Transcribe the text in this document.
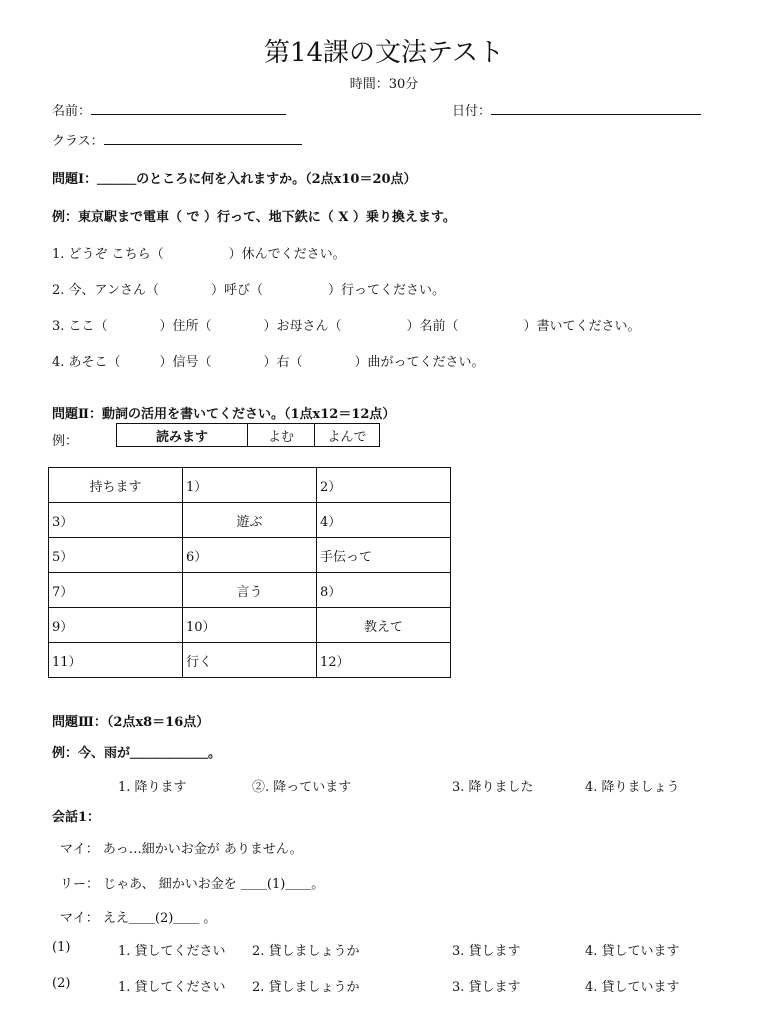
第14課の文法テスト
時間：30分
名前：	日付：
クラス：
問題Ⅰ：＿＿＿のところに何を入れますか。（2点x10＝20点）
例：東京駅まで電車（ で ）行って、地下鉄に（ X ）乗り換えます。
1. どうぞ こちら（　　　　　）休んでください。
2. 今、アンさん（　　　　）呼び（　　　　　）行ってください。
3. ここ（　　　　）住所（　　　　）お母さん（　　　　　）名前（　　　　　）書いてください。
4. あそこ（　　　）信号（　　　　）右（　　　　）曲がってください。
問題Ⅱ：動詞の活用を書いてください。（1点x12＝12点）
例：	読みます	よむ	よんで
持ちます	1）	2）
3）	遊ぶ	4）
5）	6）	手伝って
7）	言う	8）
9）	10）	教えて
11）	行く	12）
問題Ⅲ：（2点x8＝16点）
例：今、雨が＿＿＿＿＿＿。
1. 降ります	②. 降っています	3. 降りました	4. 降りましょう
会話1：
マイ： あっ…細かいお金が ありません。
リー： じゃあ、 細かいお金を ＿＿(1)＿＿。
マイ： ええ＿＿(2)＿＿ 。
(1)	1. 貸してください 2. 貸しましょうか	3. 貸します	4. 貸しています
(2)	1. 貸してください 2. 貸しましょうか	3. 貸します	4. 貸しています
